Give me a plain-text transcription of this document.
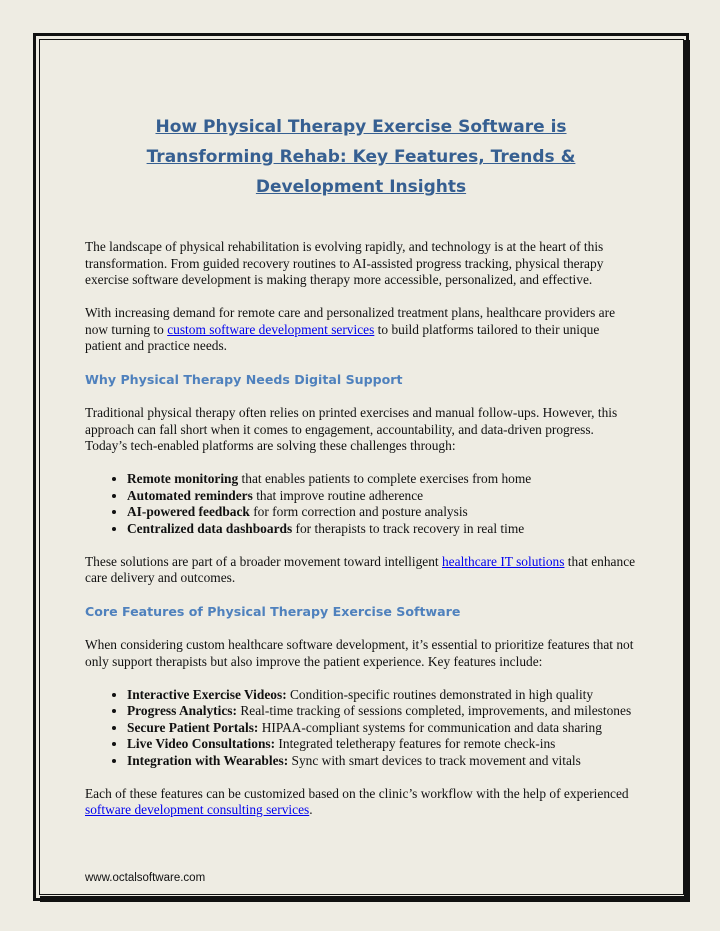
How Physical Therapy Exercise Software is Transforming Rehab: Key Features, Trends & Development Insights

The landscape of physical rehabilitation is evolving rapidly, and technology is at the heart of this transformation. From guided recovery routines to AI-assisted progress tracking, physical therapy exercise software development is making therapy more accessible, personalized, and effective.

With increasing demand for remote care and personalized treatment plans, healthcare providers are now turning to custom software development services to build platforms tailored to their unique patient and practice needs.

Why Physical Therapy Needs Digital Support

Traditional physical therapy often relies on printed exercises and manual follow-ups. However, this approach can fall short when it comes to engagement, accountability, and data-driven progress. Today’s tech-enabled platforms are solving these challenges through:

• Remote monitoring that enables patients to complete exercises from home
• Automated reminders that improve routine adherence
• AI-powered feedback for form correction and posture analysis
• Centralized data dashboards for therapists to track recovery in real time

These solutions are part of a broader movement toward intelligent healthcare IT solutions that enhance care delivery and outcomes.

Core Features of Physical Therapy Exercise Software

When considering custom healthcare software development, it’s essential to prioritize features that not only support therapists but also improve the patient experience. Key features include:

• Interactive Exercise Videos: Condition-specific routines demonstrated in high quality
• Progress Analytics: Real-time tracking of sessions completed, improvements, and milestones
• Secure Patient Portals: HIPAA-compliant systems for communication and data sharing
• Live Video Consultations: Integrated teletherapy features for remote check-ins
• Integration with Wearables: Sync with smart devices to track movement and vitals

Each of these features can be customized based on the clinic’s workflow with the help of experienced software development consulting services.

www.octalsoftware.com
